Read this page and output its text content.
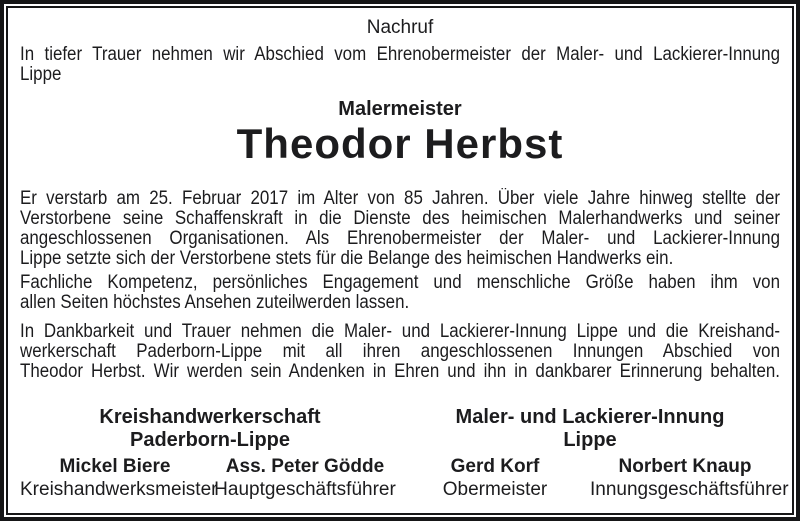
Nachruf
In tiefer Trauer nehmen wir Abschied vom Ehrenobermeister der Maler- und Lackierer-Innung
Lippe
Malermeister
Theodor Herbst
Er verstarb am 25. Februar 2017 im Alter von 85 Jahren. Über viele Jahre hinweg stellte der
Verstorbene seine Schaffenskraft in die Dienste des heimischen Malerhandwerks und seiner
angeschlossenen Organisationen. Als Ehrenobermeister der Maler- und Lackierer-Innung
Lippe setzte sich der Verstorbene stets für die Belange des heimischen Handwerks ein.
Fachliche Kompetenz, persönliches Engagement und menschliche Größe haben ihm von
allen Seiten höchstes Ansehen zuteilwerden lassen.
In Dankbarkeit und Trauer nehmen die Maler- und Lackierer-Innung Lippe und die Kreishand-
werkerschaft Paderborn-Lippe mit all ihren angeschlossenen Innungen Abschied von
Theodor Herbst. Wir werden sein Andenken in Ehren und ihn in dankbarer Erinnerung behalten.
Kreishandwerkerschaft
Paderborn-Lippe
Mickel Biere
Kreishandwerksmeister
Ass. Peter Gödde
Hauptgeschäftsführer
Maler- und Lackierer-Innung
Lippe
Gerd Korf
Obermeister
Norbert Knaup
Innungsgeschäftsführer
